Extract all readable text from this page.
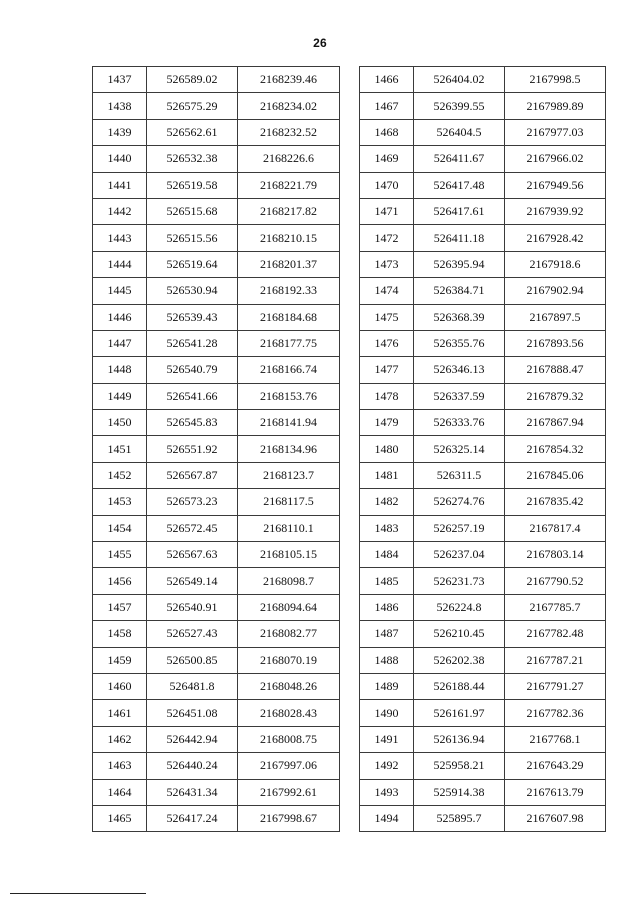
26
1437	526589.02	2168239.46
1438	526575.29	2168234.02
1439	526562.61	2168232.52
1440	526532.38	2168226.6
1441	526519.58	2168221.79
1442	526515.68	2168217.82
1443	526515.56	2168210.15
1444	526519.64	2168201.37
1445	526530.94	2168192.33
1446	526539.43	2168184.68
1447	526541.28	2168177.75
1448	526540.79	2168166.74
1449	526541.66	2168153.76
1450	526545.83	2168141.94
1451	526551.92	2168134.96
1452	526567.87	2168123.7
1453	526573.23	2168117.5
1454	526572.45	2168110.1
1455	526567.63	2168105.15
1456	526549.14	2168098.7
1457	526540.91	2168094.64
1458	526527.43	2168082.77
1459	526500.85	2168070.19
1460	526481.8	2168048.26
1461	526451.08	2168028.43
1462	526442.94	2168008.75
1463	526440.24	2167997.06
1464	526431.34	2167992.61
1465	526417.24	2167998.67
1466	526404.02	2167998.5
1467	526399.55	2167989.89
1468	526404.5	2167977.03
1469	526411.67	2167966.02
1470	526417.48	2167949.56
1471	526417.61	2167939.92
1472	526411.18	2167928.42
1473	526395.94	2167918.6
1474	526384.71	2167902.94
1475	526368.39	2167897.5
1476	526355.76	2167893.56
1477	526346.13	2167888.47
1478	526337.59	2167879.32
1479	526333.76	2167867.94
1480	526325.14	2167854.32
1481	526311.5	2167845.06
1482	526274.76	2167835.42
1483	526257.19	2167817.4
1484	526237.04	2167803.14
1485	526231.73	2167790.52
1486	526224.8	2167785.7
1487	526210.45	2167782.48
1488	526202.38	2167787.21
1489	526188.44	2167791.27
1490	526161.97	2167782.36
1491	526136.94	2167768.1
1492	525958.21	2167643.29
1493	525914.38	2167613.79
1494	525895.7	2167607.98
